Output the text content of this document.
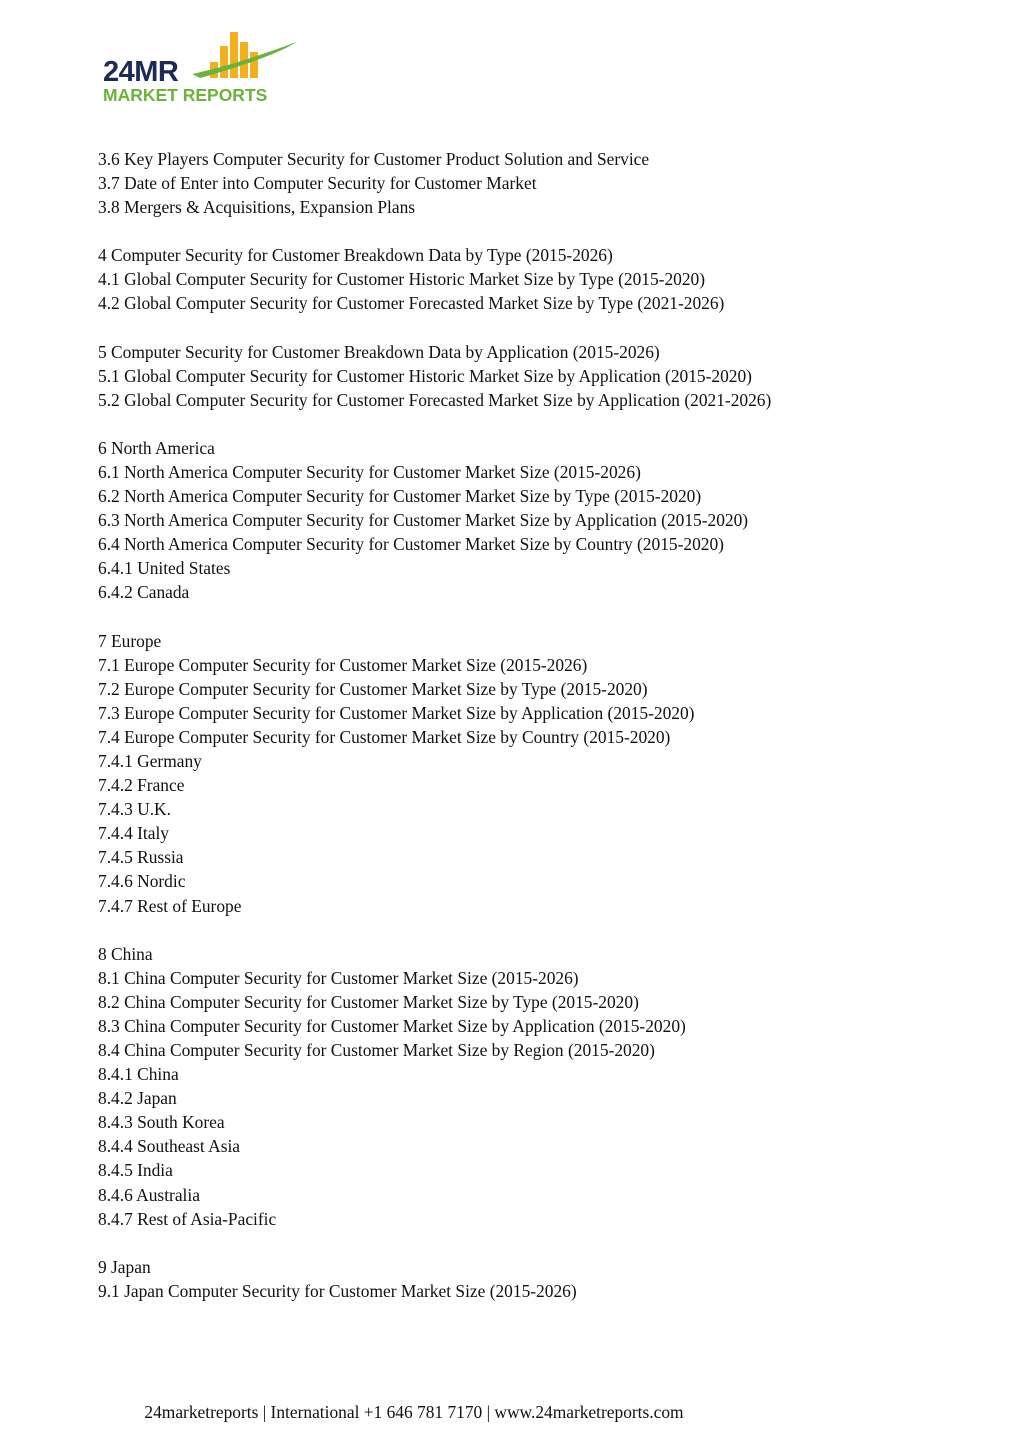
24MR
MARKET REPORTS
3.6 Key Players Computer Security for Customer Product Solution and Service
3.7 Date of Enter into Computer Security for Customer Market
3.8 Mergers & Acquisitions, Expansion Plans
4 Computer Security for Customer Breakdown Data by Type (2015-2026)
4.1 Global Computer Security for Customer Historic Market Size by Type (2015-2020)
4.2 Global Computer Security for Customer Forecasted Market Size by Type (2021-2026)
5 Computer Security for Customer Breakdown Data by Application (2015-2026)
5.1 Global Computer Security for Customer Historic Market Size by Application (2015-2020)
5.2 Global Computer Security for Customer Forecasted Market Size by Application (2021-2026)
6 North America
6.1 North America Computer Security for Customer Market Size (2015-2026)
6.2 North America Computer Security for Customer Market Size by Type (2015-2020)
6.3 North America Computer Security for Customer Market Size by Application (2015-2020)
6.4 North America Computer Security for Customer Market Size by Country (2015-2020)
6.4.1 United States
6.4.2 Canada
7 Europe
7.1 Europe Computer Security for Customer Market Size (2015-2026)
7.2 Europe Computer Security for Customer Market Size by Type (2015-2020)
7.3 Europe Computer Security for Customer Market Size by Application (2015-2020)
7.4 Europe Computer Security for Customer Market Size by Country (2015-2020)
7.4.1 Germany
7.4.2 France
7.4.3 U.K.
7.4.4 Italy
7.4.5 Russia
7.4.6 Nordic
7.4.7 Rest of Europe
8 China
8.1 China Computer Security for Customer Market Size (2015-2026)
8.2 China Computer Security for Customer Market Size by Type (2015-2020)
8.3 China Computer Security for Customer Market Size by Application (2015-2020)
8.4 China Computer Security for Customer Market Size by Region (2015-2020)
8.4.1 China
8.4.2 Japan
8.4.3 South Korea
8.4.4 Southeast Asia
8.4.5 India
8.4.6 Australia
8.4.7 Rest of Asia-Pacific
9 Japan
9.1 Japan Computer Security for Customer Market Size (2015-2026)
24marketreports | International +1 646 781 7170 | www.24marketreports.com
